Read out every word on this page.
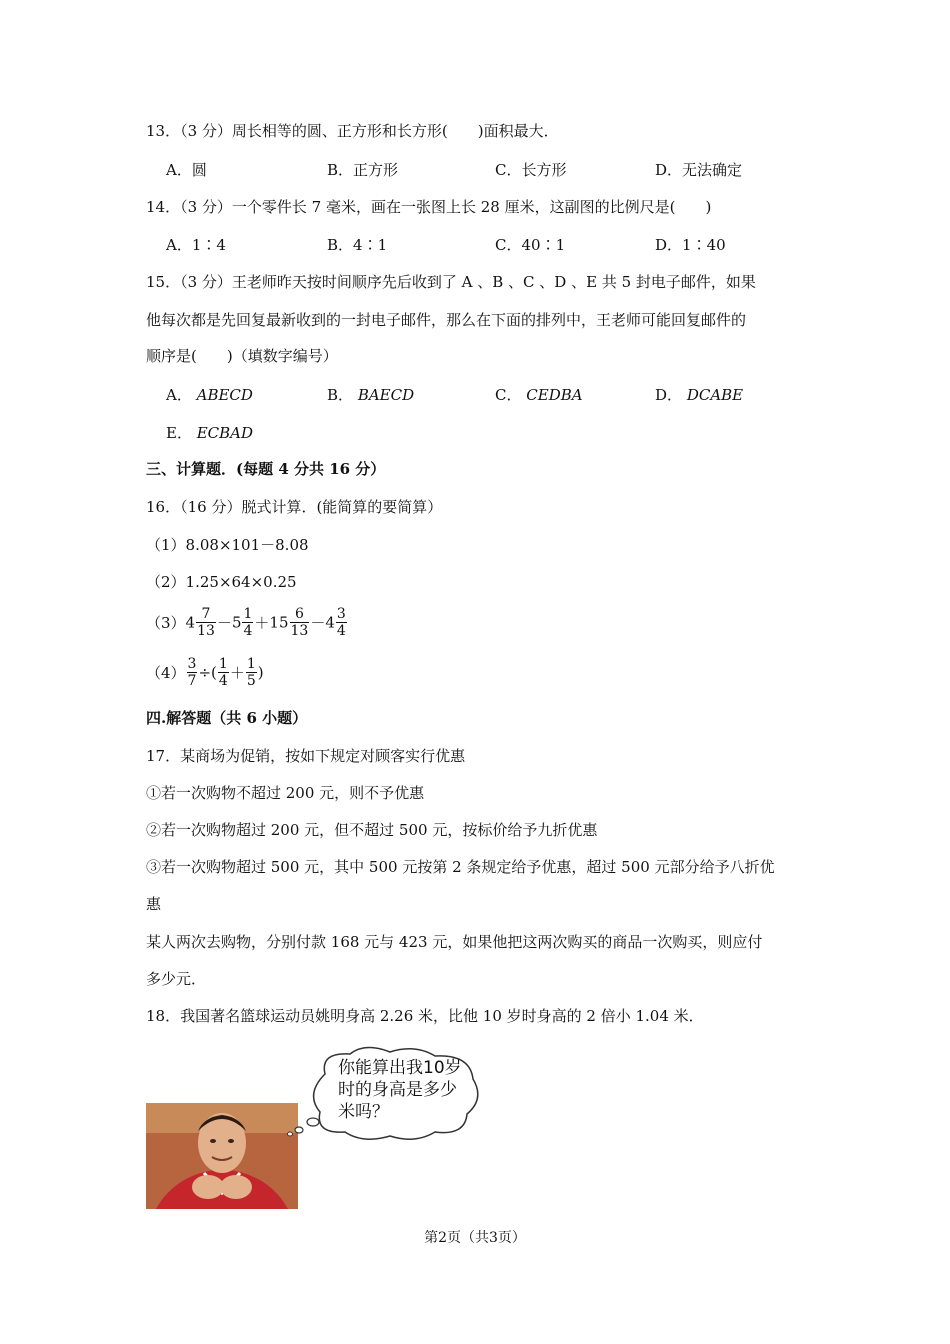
13．（3 分）周长相等的圆、正方形和长方形(　　)面积最大．
A．圆	B．正方形	C．长方形	D．无法确定
14．（3 分）一个零件长 7 毫米，画在一张图上长 28 厘米，这副图的比例尺是(　　)
A．1∶4	B．4∶1	C．40∶1	D．1∶40
15．（3 分）王老师昨天按时间顺序先后收到了 A 、B 、C 、D 、E 共 5 封电子邮件，如果
他每次都是先回复最新收到的一封电子邮件，那么在下面的排列中，王老师可能回复邮件的
顺序是(　　)（填数字编号）
A． ABECD	B． BAECD	C． CEDBA	D． DCABE
E． ECBAD
三、计算题．(每题 4 分共 16 分）
16．（16 分）脱式计算．(能简算的要简算）
（1）8.08×101－8.08
（2）1.25×64×0.25
$(3)4 \frac{7}{13} -5 \frac{1}{4} +15 \frac{6}{13} -4 \frac{3}{4}$
$(4) \frac{3}{7}$ ÷( $\frac{1}{4} + \frac{1}{5}$ )
四.解答题（共 6 小题）
17．某商场为促销，按如下规定对顾客实行优惠
①若一次购物不超过 200 元，则不予优惠
②若一次购物超过 200 元，但不超过 500 元，按标价给予九折优惠
③若一次购物超过 500 元，其中 500 元按第 2 条规定给予优惠，超过 500 元部分给予八折优
惠
某人两次去购物，分别付款 168 元与 423 元，如果他把这两次购买的商品一次购买，则应付
多少元．
18．我国著名篮球运动员姚明身高 2.26 米，比他 10 岁时身高的 2 倍小 1.04 米．
你能算出我10岁时的身高是多少米吗？
第2页（共3页）
